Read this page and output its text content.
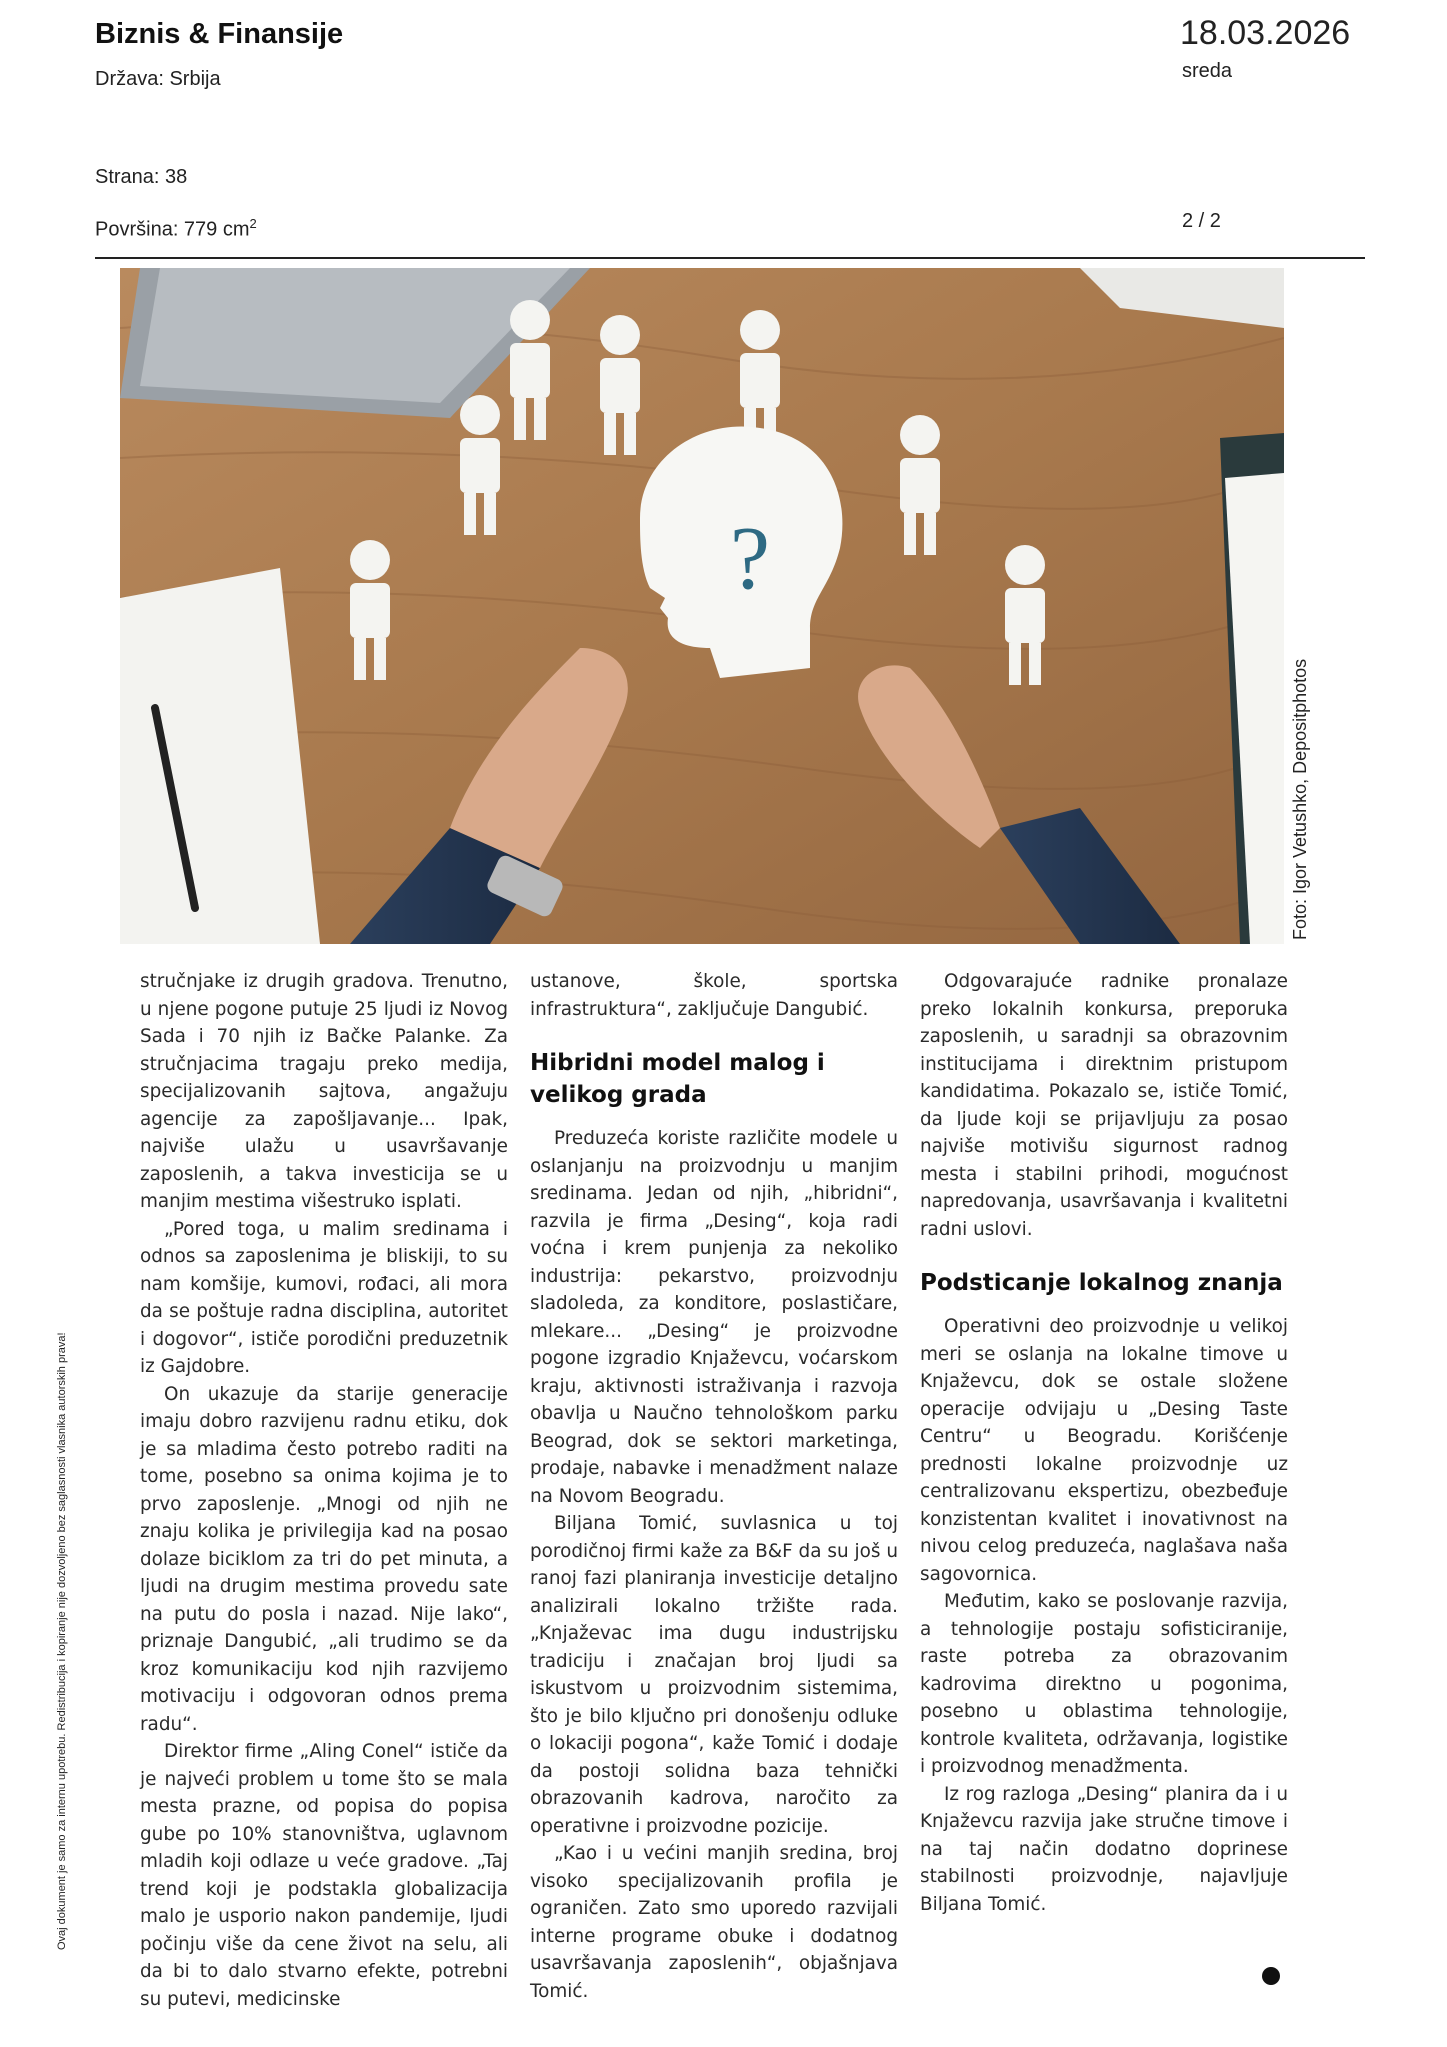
Biznis & Finansije
Država: Srbija
18.03.2026
sreda
Strana: 38
Površina: 779 $cm^2$	2 / 2
?
Foto: Igor Vetushko, Depositphotos
Ovaj dokument je samo za internu upotrebu. Redistribucija i kopiranje nije dozvoljeno bez saglasnosti vlasnika autorskih prava!

stručnjake iz drugih gradova. Trenutno, u njene pogone putuje 25 ljudi iz Novog Sada i 70 njih iz Bačke Palanke. Za stručnjacima tragaju preko medija, specijalizovanih sajtova, angažuju agencije za zapošljavanje... Ipak, najviše ulažu u usavršavanje zaposlenih, a takva investicija se u manjim mestima višestruko isplati.

„Pored toga, u malim sredinama i odnos sa zaposlenima je bliskiji, to su nam komšije, kumovi, rođaci, ali mora da se poštuje radna disciplina, autoritet i dogovor“, ističe porodični preduzetnik iz Gajdobre.

On ukazuje da starije generacije imaju dobro razvijenu radnu etiku, dok je sa mladima često potrebo raditi na tome, posebno sa onima kojima je to prvo zaposlenje. „Mnogi od njih ne znaju kolika je privilegija kad na posao dolaze biciklom za tri do pet minuta, a ljudi na drugim mestima provedu sate na putu do posla i nazad. Nije lako“, priznaje Dangubić, „ali trudimo se da kroz komunikaciju kod njih razvijemo motivaciju i odgovoran odnos prema radu“.

Direktor firme „Aling Conel“ ističe da je najveći problem u tome što se mala mesta prazne, od popisa do popisa gube po 10% stanovništva, uglavnom mladih koji odlaze u veće gradove. „Taj trend koji je podstakla globalizacija malo je usporio nakon pandemije, ljudi počinju više da cene život na selu, ali da bi to dalo stvarno efekte, potrebni su putevi, medicinske

ustanove, škole, sportska infrastruktura“, zaključuje Dangubić.

Hibridni model malog i velikog grada

Preduzeća koriste različite modele u oslanjanju na proizvodnju u manjim sredinama. Jedan od njih, „hibridni“, razvila je firma „Desing“, koja radi voćna i krem punjenja za nekoliko industrija: pekarstvo, proizvodnju sladoleda, za konditore, poslastičare, mlekare... „Desing“ je proizvodne pogone izgradio Knjaževcu, voćarskom kraju, aktivnosti istraživanja i razvoja obavlja u Naučno tehnološkom parku Beograd, dok se sektori marketinga, prodaje, nabavke i menadžment nalaze na Novom Beogradu.

Biljana Tomić, suvlasnica u toj porodičnoj firmi kaže za B&F da su još u ranoj fazi planiranja investicije detaljno analizirali lokalno tržište rada. „Knjaževac ima dugu industrijsku tradiciju i značajan broj ljudi sa iskustvom u proizvodnim sistemima, što je bilo ključno pri donošenju odluke o lokaciji pogona“, kaže Tomić i dodaje da postoji solidna baza tehnički obrazovanih kadrova, naročito za operativne i proizvodne pozicije.

„Kao i u većini manjih sredina, broj visoko specijalizovanih profila je ograničen. Zato smo uporedo razvijali interne programe obuke i dodatnog usavršavanja zaposlenih“, objašnjava Tomić.

Odgovarajuće radnike pronalaze preko lokalnih konkursa, preporuka zaposlenih, u saradnji sa obrazovnim institucijama i direktnim pristupom kandidatima. Pokazalo se, ističe Tomić, da ljude koji se prijavljuju za posao najviše motivišu sigurnost radnog mesta i stabilni prihodi, mogućnost napredovanja, usavršavanja i kvalitetni radni uslovi.

Podsticanje lokalnog znanja

Operativni deo proizvodnje u velikoj meri se oslanja na lokalne timove u Knjaževcu, dok se ostale složene operacije odvijaju u „Desing Taste Centru“ u Beogradu. Korišćenje prednosti lokalne proizvodnje uz centralizovanu ekspertizu, obezbeđuje konzistentan kvalitet i inovativnost na nivou celog preduzeća, naglašava naša sagovornica.

Međutim, kako se poslovanje razvija, a tehnologije postaju sofisticiranije, raste potreba za obrazovanim kadrovima direktno u pogonima, posebno u oblastima tehnologije, kontrole kvaliteta, održavanja, logistike i proizvodnog menadžmenta.

Iz rog razloga „Desing“ planira da i u Knjaževcu razvija jake stručne timove i na taj način dodatno doprinese stabilnosti proizvodnje, najavljuje Biljana Tomić.
